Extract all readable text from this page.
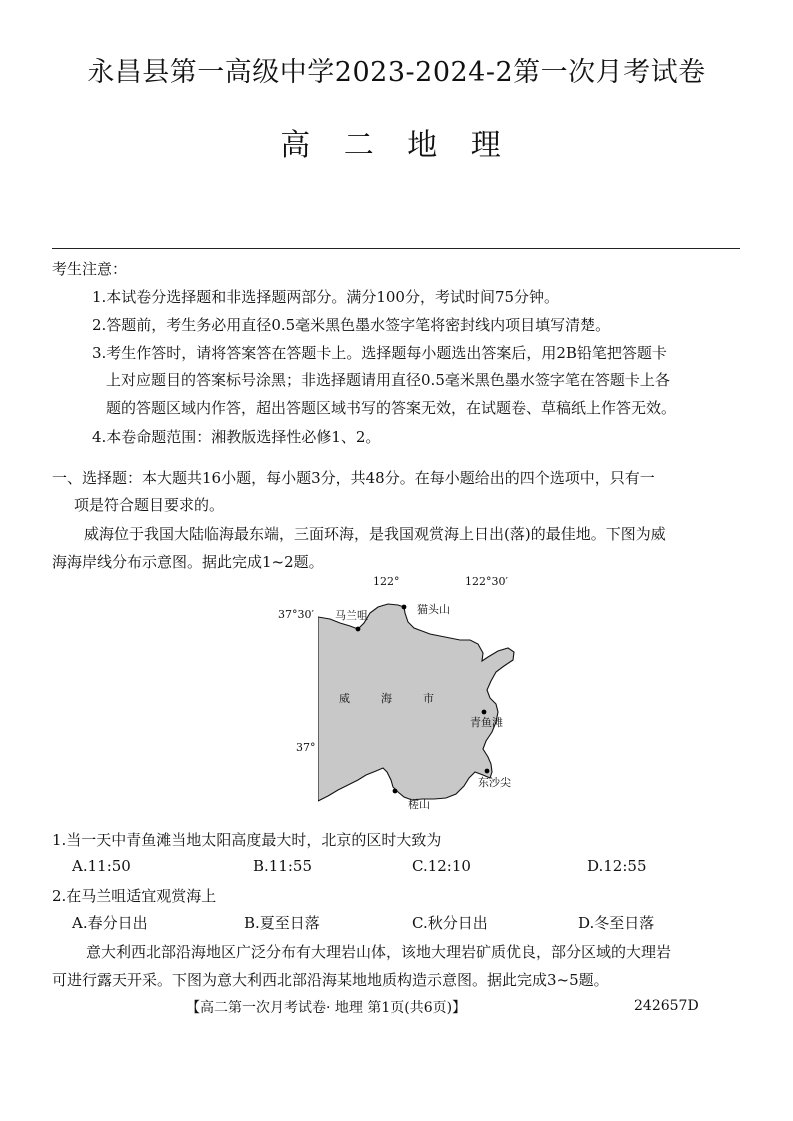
永昌县第一高级中学2023-2024-2第一次月考试卷
高 二 地 理
考生注意：
1.本试卷分选择题和非选择题两部分。满分100分，考试时间75分钟。
2.答题前，考生务必用直径0.5毫米黑色墨水签字笔将密封线内项目填写清楚。
3.考生作答时，请将答案答在答题卡上。选择题每小题选出答案后，用2B铅笔把答题卡
上对应题目的答案标号涂黑；非选择题请用直径0.5毫米黑色墨水签字笔在答题卡上各
题的答题区域内作答，超出答题区域书写的答案无效，在试题卷、草稿纸上作答无效。
4.本卷命题范围：湘教版选择性必修1、2。
一、选择题：本大题共16小题，每小题3分，共48分。在每小题给出的四个选项中，只有一
项是符合题目要求的。
威海位于我国大陆临海最东端，三面环海，是我国观赏海上日出(落)的最佳地。下图为威
海海岸线分布示意图。据此完成1~2题。
122°	122°30′
37°30′
37°
马兰咀	猫头山
威	海	市
青鱼滩
东沙尖
槎山
1.当一天中青鱼滩当地太阳高度最大时，北京的区时大致为
A.11:50	B.11:55	C.12:10	D.12:55
2.在马兰咀适宜观赏海上
A.春分日出	B.夏至日落	C.秋分日出	D.冬至日落
意大利西北部沿海地区广泛分布有大理岩山体，该地大理岩矿质优良，部分区域的大理岩
可进行露天开采。下图为意大利西北部沿海某地地质构造示意图。据此完成3~5题。
【高二第一次月考试卷· 地理 第1页(共6页)】	242657D
